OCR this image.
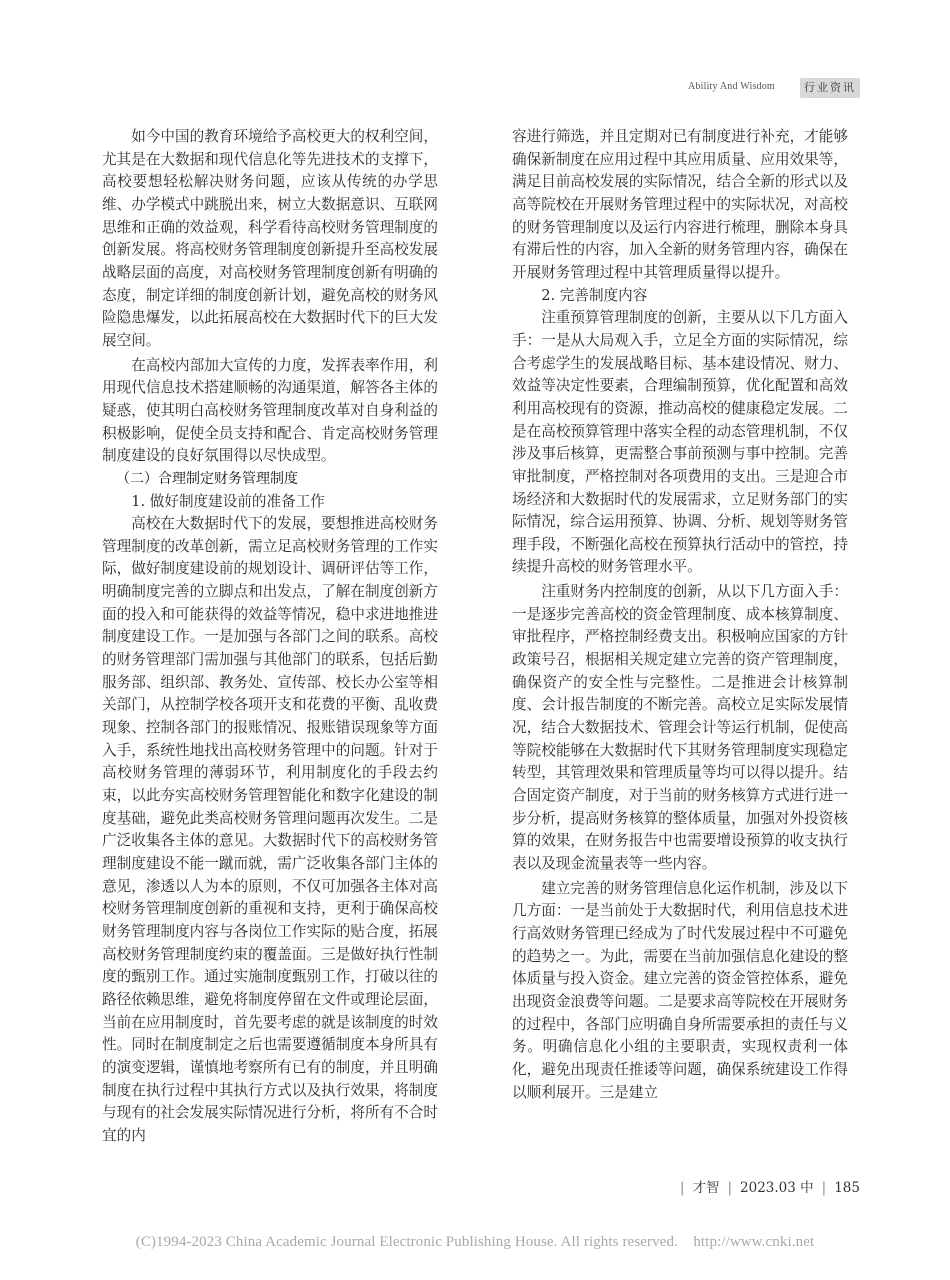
Ability And Wisdom	行业资讯

如今中国的教育环境给予高校更大的权利空间，尤其是在大数据和现代信息化等先进技术的支撑下，高校要想轻松解决财务问题，应该从传统的办学思维、办学模式中跳脱出来，树立大数据意识、互联网思维和正确的效益观，科学看待高校财务管理制度的创新发展。将高校财务管理制度创新提升至高校发展战略层面的高度，对高校财务管理制度创新有明确的态度，制定详细的制度创新计划，避免高校的财务风险隐患爆发，以此拓展高校在大数据时代下的巨大发展空间。

在高校内部加大宣传的力度，发挥表率作用，利用现代信息技术搭建顺畅的沟通渠道，解答各主体的疑惑，使其明白高校财务管理制度改革对自身利益的积极影响，促使全员支持和配合、肯定高校财务管理制度建设的良好氛围得以尽快成型。

（二）合理制定财务管理制度

1. 做好制度建设前的准备工作

高校在大数据时代下的发展，要想推进高校财务管理制度的改革创新，需立足高校财务管理的工作实际，做好制度建设前的规划设计、调研评估等工作，明确制度完善的立脚点和出发点，了解在制度创新方面的投入和可能获得的效益等情况，稳中求进地推进制度建设工作。一是加强与各部门之间的联系。高校的财务管理部门需加强与其他部门的联系，包括后勤服务部、组织部、教务处、宣传部、校长办公室等相关部门，从控制学校各项开支和花费的平衡、乱收费现象、控制各部门的报账情况、报账错误现象等方面入手，系统性地找出高校财务管理中的问题。针对于高校财务管理的薄弱环节，利用制度化的手段去约束，以此夯实高校财务管理智能化和数字化建设的制度基础，避免此类高校财务管理问题再次发生。二是广泛收集各主体的意见。大数据时代下的高校财务管理制度建设不能一蹴而就，需广泛收集各部门主体的意见，渗透以人为本的原则，不仅可加强各主体对高校财务管理制度创新的重视和支持，更利于确保高校财务管理制度内容与各岗位工作实际的贴合度，拓展高校财务管理制度约束的覆盖面。三是做好执行性制度的甄别工作。通过实施制度甄别工作，打破以往的路径依赖思维，避免将制度停留在文件或理论层面，当前在应用制度时，首先要考虑的就是该制度的时效性。同时在制度制定之后也需要遵循制度本身所具有的演变逻辑，谨慎地考察所有已有的制度，并且明确制度在执行过程中其执行方式以及执行效果，将制度与现有的社会发展实际情况进行分析，将所有不合时宜的内

容进行筛选，并且定期对已有制度进行补充，才能够确保新制度在应用过程中其应用质量、应用效果等，满足目前高校发展的实际情况，结合全新的形式以及高等院校在开展财务管理过程中的实际状况，对高校的财务管理制度以及运行内容进行梳理，删除本身具有滞后性的内容，加入全新的财务管理内容，确保在开展财务管理过程中其管理质量得以提升。

2. 完善制度内容

注重预算管理制度的创新，主要从以下几方面入手：一是从大局观入手，立足全方面的实际情况，综合考虑学生的发展战略目标、基本建设情况、财力、效益等决定性要素，合理编制预算，优化配置和高效利用高校现有的资源，推动高校的健康稳定发展。二是在高校预算管理中落实全程的动态管理机制，不仅涉及事后核算，更需整合事前预测与事中控制。完善审批制度，严格控制对各项费用的支出。三是迎合市场经济和大数据时代的发展需求，立足财务部门的实际情况，综合运用预算、协调、分析、规划等财务管理手段，不断强化高校在预算执行活动中的管控，持续提升高校的财务管理水平。

注重财务内控制度的创新，从以下几方面入手：一是逐步完善高校的资金管理制度、成本核算制度、审批程序，严格控制经费支出。积极响应国家的方针政策号召，根据相关规定建立完善的资产管理制度，确保资产的安全性与完整性。二是推进会计核算制度、会计报告制度的不断完善。高校立足实际发展情况，结合大数据技术、管理会计等运行机制，促使高等院校能够在大数据时代下其财务管理制度实现稳定转型，其管理效果和管理质量等均可以得以提升。结合固定资产制度，对于当前的财务核算方式进行进一步分析，提高财务核算的整体质量，加强对外投资核算的效果，在财务报告中也需要增设预算的收支执行表以及现金流量表等一些内容。

建立完善的财务管理信息化运作机制，涉及以下几方面：一是当前处于大数据时代，利用信息技术进行高效财务管理已经成为了时代发展过程中不可避免的趋势之一。为此，需要在当前加强信息化建设的整体质量与投入资金。建立完善的资金管控体系，避免出现资金浪费等问题。二是要求高等院校在开展财务的过程中，各部门应明确自身所需要承担的责任与义务。明确信息化小组的主要职责，实现权责利一体化，避免出现责任推诿等问题，确保系统建设工作得以顺利展开。三是建立

| 才智 | 2023.03 中 | 185
(C)1994-2023 China Academic Journal Electronic Publishing House. All rights reserved.    http://www.cnki.net
